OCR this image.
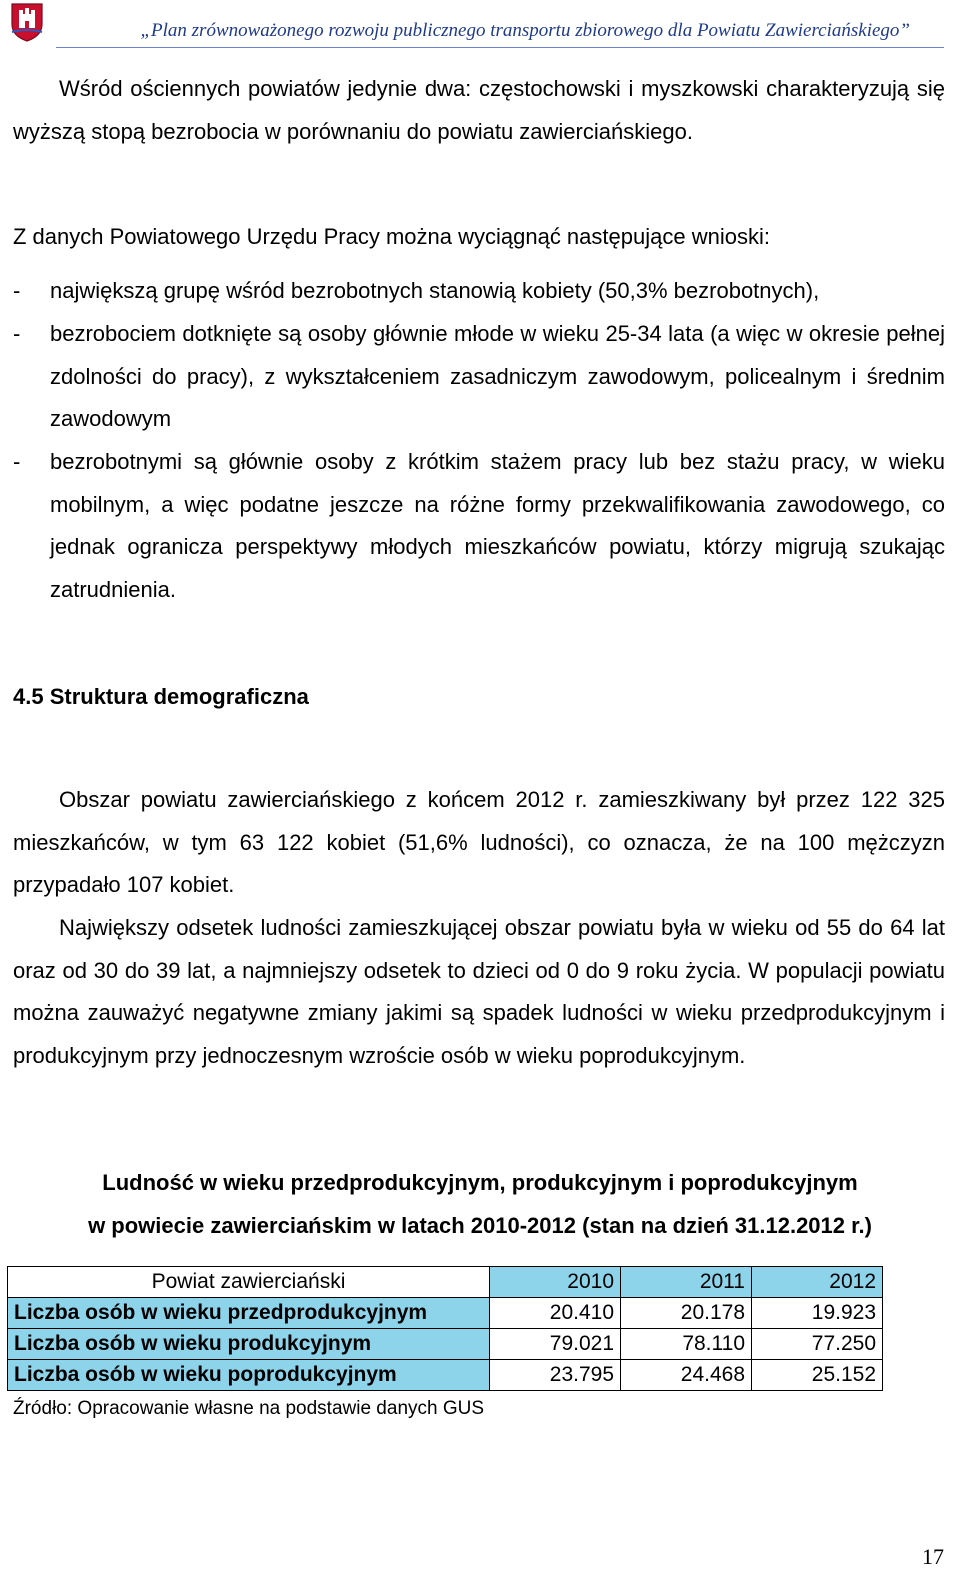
„Plan zrównoważonego rozwoju publicznego transportu zbiorowego dla Powiatu Zawierciańskiego”
Wśród ościennych powiatów jedynie dwa: częstochowski i myszkowski charakteryzują się wyższą stopą bezrobocia w porównaniu do powiatu zawierciańskiego.
Z danych Powiatowego Urzędu Pracy można wyciągnąć następujące wnioski:
-	największą grupę wśród bezrobotnych stanowią kobiety (50,3% bezrobotnych),
-	bezrobociem dotknięte są osoby głównie młode w wieku 25-34 lata (a więc w okresie pełnej zdolności do pracy), z wykształceniem zasadniczym zawodowym, policealnym i średnim zawodowym
-	bezrobotnymi są głównie osoby z krótkim stażem pracy lub bez stażu pracy, w wieku mobilnym, a więc podatne jeszcze na różne formy przekwalifikowania zawodowego, co jednak ogranicza perspektywy młodych mieszkańców powiatu, którzy migrują szukając zatrudnienia.
4.5 Struktura demograficzna
Obszar powiatu zawierciańskiego z końcem 2012 r. zamieszkiwany był przez 122 325 mieszkańców, w tym 63 122 kobiet (51,6% ludności), co oznacza, że na 100 mężczyzn przypadało 107 kobiet.
Największy odsetek ludności zamieszkującej obszar powiatu była w wieku od 55 do 64 lat oraz od 30 do 39 lat, a najmniejszy odsetek to dzieci od 0 do 9 roku życia. W populacji powiatu można zauważyć negatywne zmiany jakimi są spadek ludności w wieku przedprodukcyjnym i produkcyjnym przy jednoczesnym wzroście osób w wieku poprodukcyjnym.
Ludność w wieku przedprodukcyjnym, produkcyjnym i poprodukcyjnym
w powiecie zawierciańskim w latach 2010-2012 (stan na dzień 31.12.2012 r.)
Powiat zawierciański	2010	2011	2012
Liczba osób w wieku przedprodukcyjnym	20.410	20.178	19.923
Liczba osób w wieku produkcyjnym	79.021	78.110	77.250
Liczba osób w wieku poprodukcyjnym	23.795	24.468	25.152
Źródło: Opracowanie własne na podstawie danych GUS
17
